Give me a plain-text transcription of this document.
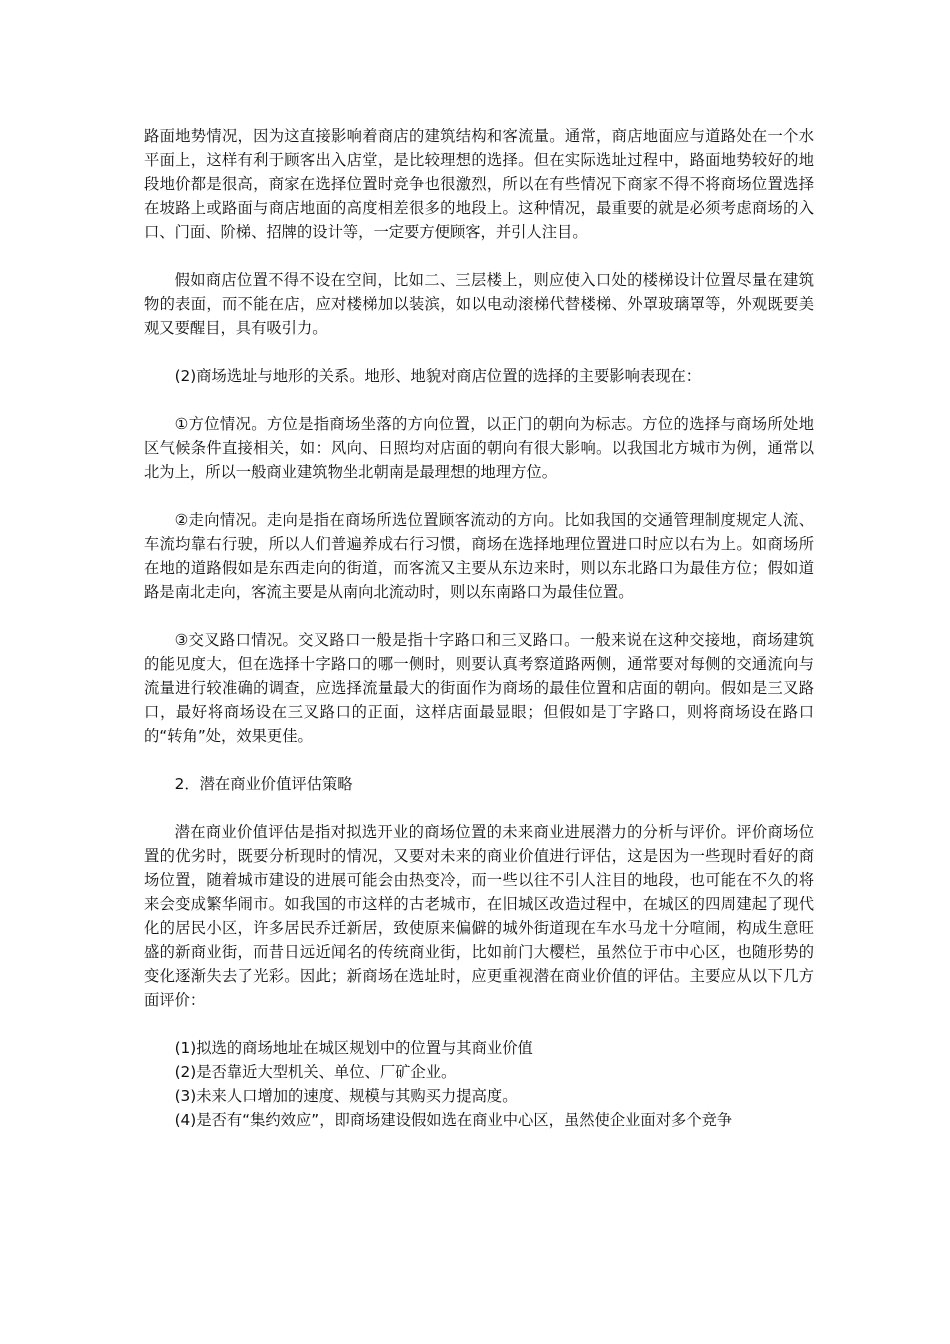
路面地势情况，因为这直接影响着商店的建筑结构和客流量。通常，商店地面应与道路处在一个水平面上，这样有利于顾客出入店堂，是比较理想的选择。但在实际选址过程中，路面地势较好的地段地价都是很高，商家在选择位置时竞争也很激烈，所以在有些情况下商家不得不将商场位置选择在坡路上或路面与商店地面的高度相差很多的地段上。这种情况，最重要的就是必须考虑商场的入口、门面、阶梯、招牌的设计等，一定要方便顾客，并引人注目。

假如商店位置不得不设在空间，比如二、三层楼上，则应使入口处的楼梯设计位置尽量在建筑物的表面，而不能在店，应对楼梯加以装滨，如以电动滚梯代替楼梯、外罩玻璃罩等，外观既要美观又要醒目，具有吸引力。

(2)商场选址与地形的关系。地形、地貌对商店位置的选择的主要影响表现在：

①方位情况。方位是指商场坐落的方向位置，以正门的朝向为标志。方位的选择与商场所处地区气候条件直接相关，如：风向、日照均对店面的朝向有很大影响。以我国北方城市为例，通常以北为上，所以一般商业建筑物坐北朝南是最理想的地理方位。

②走向情况。走向是指在商场所选位置顾客流动的方向。比如我国的交通管理制度规定人流、车流均靠右行驶，所以人们普遍养成右行习惯，商场在选择地理位置进口时应以右为上。如商场所在地的道路假如是东西走向的街道，而客流又主要从东边来时，则以东北路口为最佳方位；假如道路是南北走向，客流主要是从南向北流动时，则以东南路口为最佳位置。

③交叉路口情况。交叉路口一般是指十字路口和三叉路口。一般来说在这种交接地，商场建筑的能见度大，但在选择十字路口的哪一侧时，则要认真考察道路两侧，通常要对每侧的交通流向与流量进行较准确的调查，应选择流量最大的街面作为商场的最佳位置和店面的朝向。假如是三叉路口，最好将商场设在三叉路口的正面，这样店面最显眼；但假如是丁字路口，则将商场设在路口的“转角”处，效果更佳。

2．潜在商业价值评估策略

潜在商业价值评估是指对拟选开业的商场位置的未来商业进展潜力的分析与评价。评价商场位置的优劣时，既要分析现时的情况，又要对未来的商业价值进行评估，这是因为一些现时看好的商场位置，随着城市建设的进展可能会由热变冷，而一些以往不引人注目的地段，也可能在不久的将来会变成繁华闹市。如我国的市这样的古老城市，在旧城区改造过程中，在城区的四周建起了现代化的居民小区，许多居民乔迁新居，致使原来偏僻的城外街道现在车水马龙十分喧闹，构成生意旺盛的新商业街，而昔日远近闻名的传统商业街，比如前门大樱栏，虽然位于市中心区，也随形势的变化逐渐失去了光彩。因此；新商场在选址时，应更重视潜在商业价值的评估。主要应从以下几方面评价：

(1)拟选的商场地址在城区规划中的位置与其商业价值

(2)是否靠近大型机关、单位、厂矿企业。

(3)未来人口增加的速度、规模与其购买力提高度。

(4)是否有“集约效应”，即商场建设假如选在商业中心区，虽然使企业面对多个竞争
